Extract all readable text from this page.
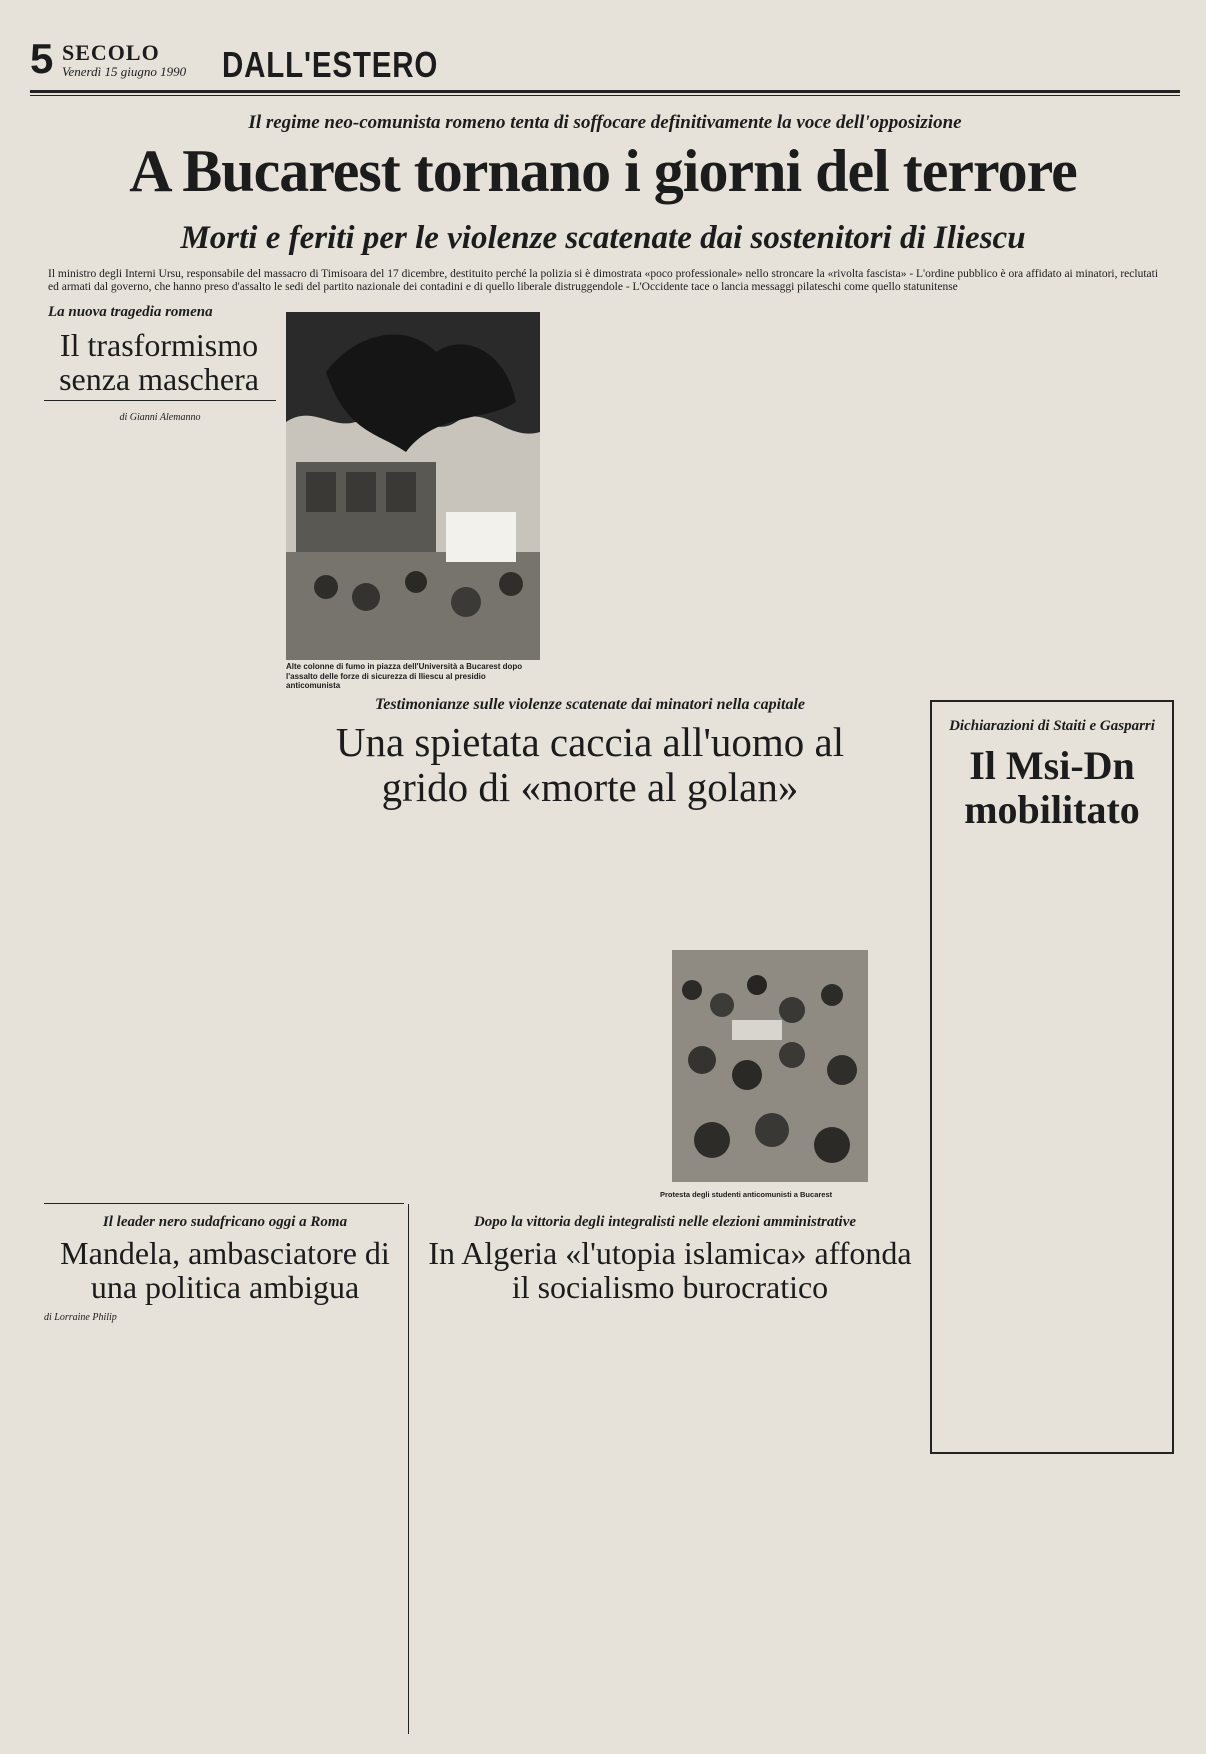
5 SECOLO
Venerdì 15 giugno 1990 DALL'ESTERO
Il regime neo-comunista romeno tenta di soffocare definitivamente la voce dell'opposizione
A Bucarest tornano i giorni del terrore
Morti e feriti per le violenze scatenate dai sostenitori di Iliescu
Il ministro degli Interni Ursu, responsabile del massacro di Timisoara del 17 dicembre, destituito perché la polizia si è dimostrata «poco professionale» nello stroncare la «rivolta fascista» - L'ordine pubblico è ora affidato ai minatori, reclutati ed armati dal governo, che hanno preso d'assalto le sedi del partito nazionale dei contadini e di quello liberale distruggendole - L'Occidente tace o lancia messaggi pilateschi come quello statunitense
La nuova tragedia romena
Il trasformismo senza maschera
di Gianni Alemanno
Alte colonne di fumo in piazza dell'Università a Bucarest dopo l'assalto delle forze di sicurezza di Iliescu al presidio anticomunista
Testimonianze sulle violenze scatenate dai minatori nella capitale
Una spietata caccia all'uomo al grido di «morte al golan»
Protesta degli studenti anticomunisti a Bucarest
Dichiarazioni di Staiti e Gasparri
Il Msi-Dn mobilitato
Il leader nero sudafricano oggi a Roma
Mandela, ambasciatore di una politica ambigua
di Lorraine Philip
Dopo la vittoria degli integralisti nelle elezioni amministrative
In Algeria «l'utopia islamica» affonda il socialismo burocratico
